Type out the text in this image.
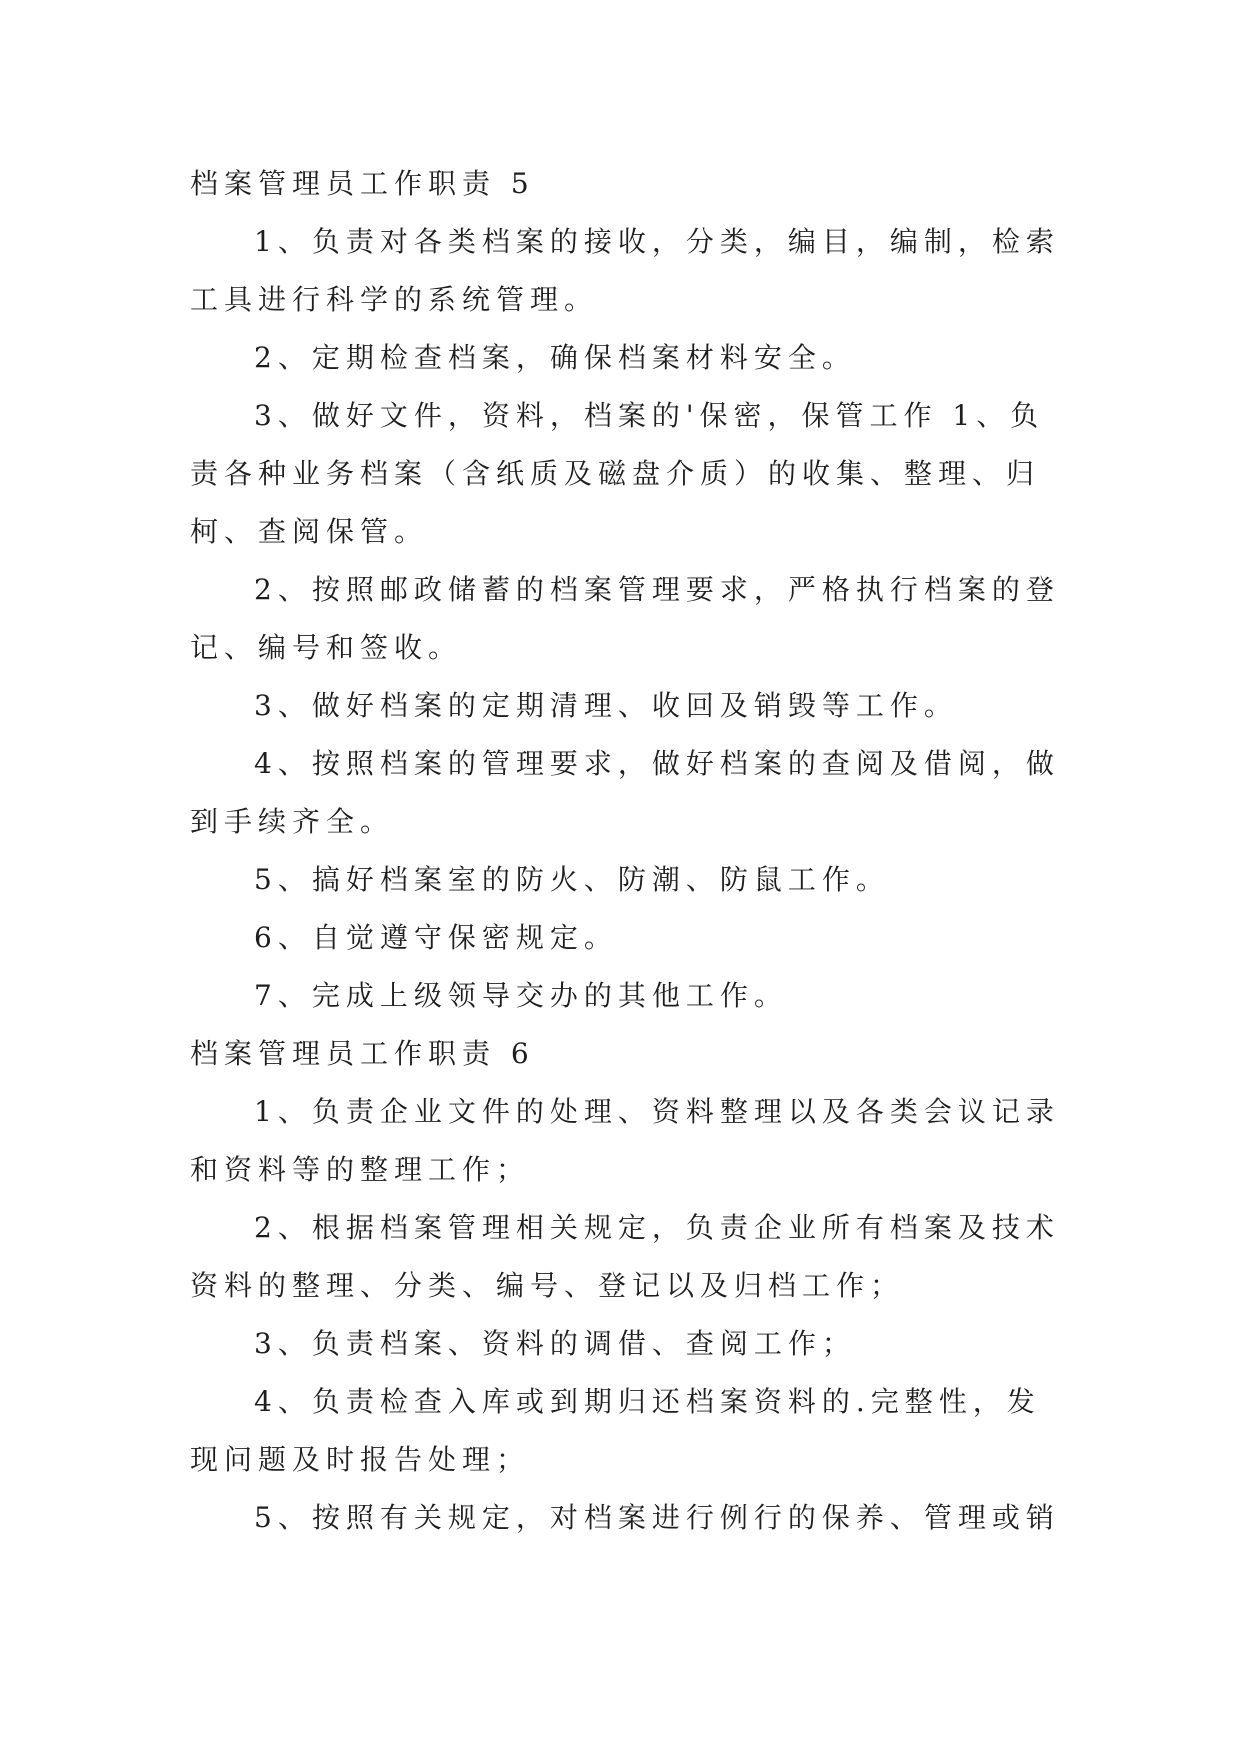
档案管理员工作职责 5

1、负责对各类档案的接收，分类，编目，编制，检索工具进行科学的系统管理。

2、定期检查档案，确保档案材料安全。

3、做好文件，资料，档案的'保密，保管工作 1、负责各种业务档案（含纸质及磁盘介质）的收集、整理、归柯、查阅保管。

2、按照邮政储蓄的档案管理要求，严格执行档案的登记、编号和签收。

3、做好档案的定期清理、收回及销毁等工作。

4、按照档案的管理要求，做好档案的查阅及借阅，做到手续齐全。

5、搞好档案室的防火、防潮、防鼠工作。

6、自觉遵守保密规定。

7、完成上级领导交办的其他工作。

档案管理员工作职责 6

1、负责企业文件的处理、资料整理以及各类会议记录和资料等的整理工作；

2、根据档案管理相关规定，负责企业所有档案及技术资料的整理、分类、编号、登记以及归档工作；

3、负责档案、资料的调借、查阅工作；

4、负责检查入库或到期归还档案资料的.完整性，发现问题及时报告处理；

5、按照有关规定，对档案进行例行的保养、管理或销
